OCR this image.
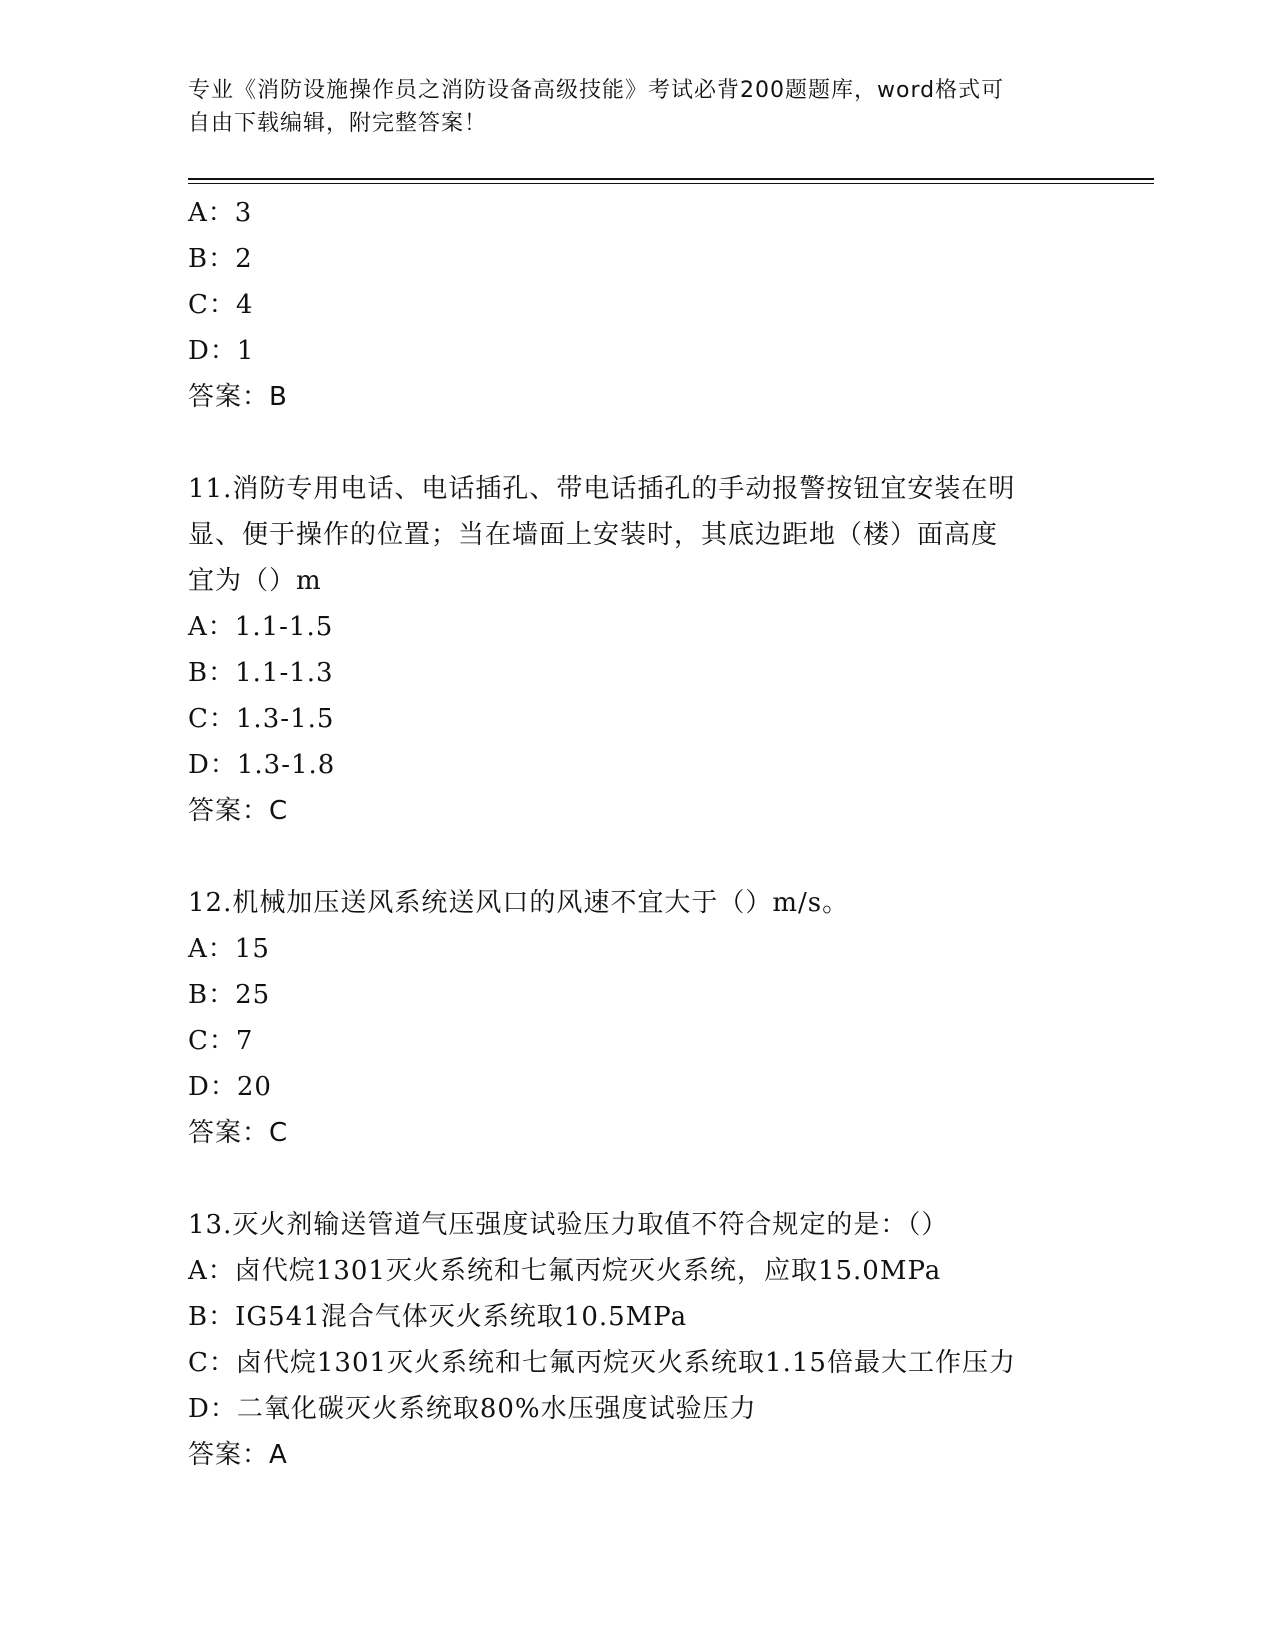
专业《消防设施操作员之消防设备高级技能》考试必背200题题库，word格式可
自由下载编辑，附完整答案！
A：3
B：2
C：4
D：1
答案：B
11.消防专用电话、电话插孔、带电话插孔的手动报警按钮宜安装在明
显、便于操作的位置；当在墙面上安装时，其底边距地（楼）面高度
宜为（）m
A：1.1-1.5
B：1.1-1.3
C：1.3-1.5
D：1.3-1.8
答案：C
12.机械加压送风系统送风口的风速不宜大于（）m/s。
A：15
B：25
C：7
D：20
答案：C
13.灭火剂输送管道气压强度试验压力取值不符合规定的是：（）
A：卤代烷1301灭火系统和七氟丙烷灭火系统，应取15.0MPa
B：IG541混合气体灭火系统取10.5MPa
C：卤代烷1301灭火系统和七氟丙烷灭火系统取1.15倍最大工作压力
D：二氧化碳灭火系统取80%水压强度试验压力
答案：A
